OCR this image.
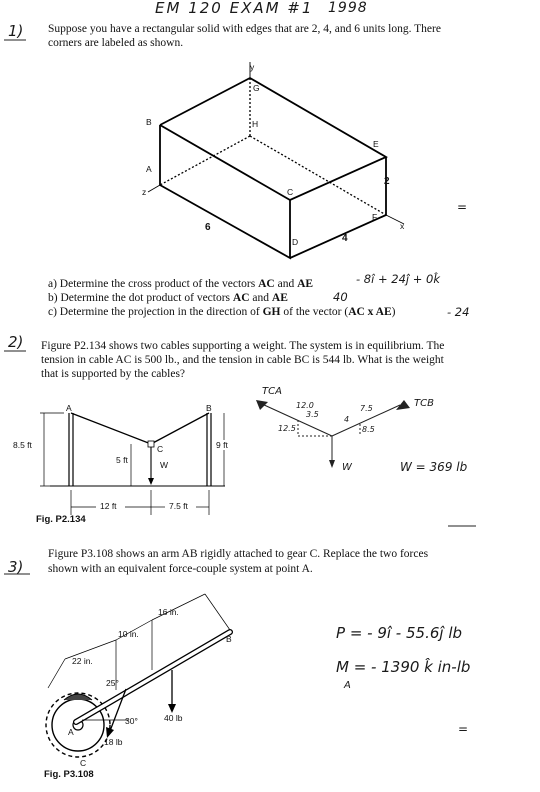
EM 120 EXAM #1 1998
1) Suppose you have a rectangular solid with edges that are 2, 4, and 6 units long. There
corners are labeled as shown.
y
G
B	H
A
z	C
E
F
x
D
6
4
2
=
a) Determine the cross product of the vectors AC and AE	- 8î + 24ĵ + 0k̂
b) Determine the dot product of vectors AC and AE	40
c) Determine the projection in the direction of GH of the vector (AC x AE)	- 24
2) Figure P2.134 shows two cables supporting a weight. The system is in equilibrium. The
tension in cable AC is 500 lb., and the tension in cable BC is 544 lb. What is the weight
that is supported by the cables?
A	B
C
W
8.5 ft	9 ft
5 ft
12 ft	7.5 ft
Fig. P2.134
TCA
TCB
12.0
3.5
12.5
7.5
4
8.5
W	W = 369 lb
3)
Figure P3.108 shows an arm AB rigidly attached to gear C. Replace the two forces
shown with an equivalent force-couple system at point A.
16 in.
10 in.
22 in.
25°
30°
18 lb
40 lb
A
B
C
Fig. P3.108
P = - 9î - 55.6ĵ lb
M = - 1390 k̂ in-lb
A
=
